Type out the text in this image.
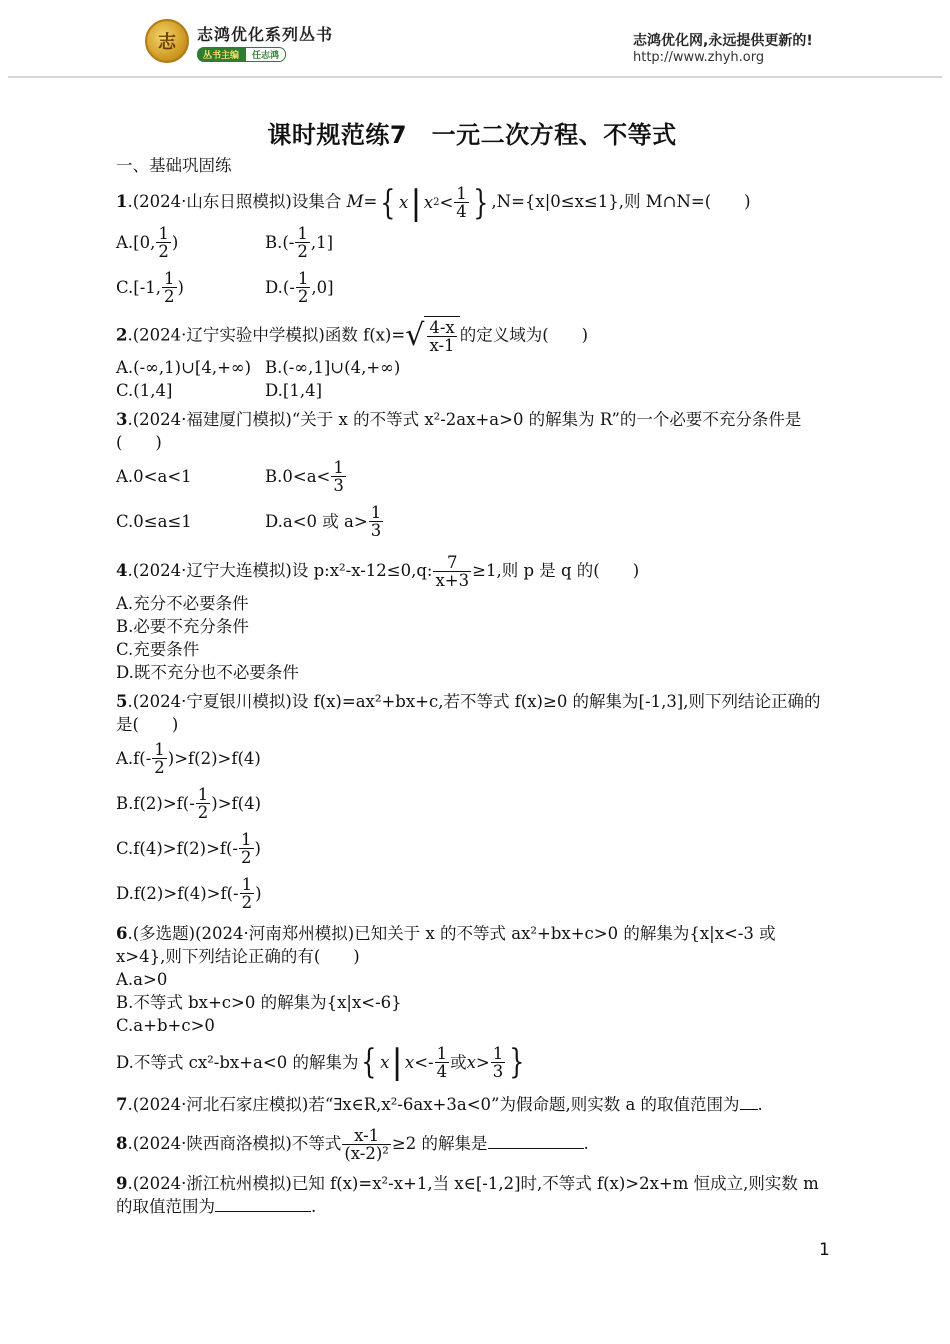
志 志鸿优化系列丛书
丛书主编	任志鸿
志鸿优化网,永远提供更新的!
http://www.zhyh.org
课时规范练7　一元二次方程、不等式
一、基础巩固练
1.(2024·山东日照模拟)设集合 M= { x | x $2 < \frac{1}{4}$ } ,N={x|0≤x≤1},则 M∩N=(　　)
A.[0, $\frac{1}{2}$ )	$B.(- \frac{1}{2} ,1]$
C.[-1, $\frac{1}{2}$ )	$D.(- \frac{1}{2} ,0]$
2.(2024·辽宁实验中学模拟)函数 f(x)= √ $\frac{4-x}{x-1}$ 的定义域为(　　)
A.(-∞,1)∪[4,+∞) B.(-∞,1]∪(4,+∞)
C.(1,4]	D.[1,4]
3.(2024·福建厦门模拟)“关于 x 的不等式 x²-2ax+a>0 的解集为 R”的一个必要不充分条件是　　　　　　(　　)
A.0<a<1	$B.0<a< \frac{1}{3}$
C.0≤a≤1	D.a<0 或 $a> \frac{1}{3}$
4.(2024·辽宁大连模拟)设 p:x²-x-12≤0,q: $\frac{7}{x+3} \ge 1$,则 p 是 q 的(　　)
A.充分不必要条件
B.必要不充分条件
C.充要条件
D.既不充分也不必要条件
5.(2024·宁夏银川模拟)设 f(x)=ax²+bx+c,若不等式 f(x)≥0 的解集为[-1,3],则下列结论正确的是(　　)
$A.f(- \frac{1}{2} )>f(2)>f(4)$
$B.f(2)>f(- \frac{1}{2} )>f(4)$
$C.f(4)>f(2)>f(- \frac{1}{2}$ )
$D.f(2)>f(4)>f(- \frac{1}{2}$ )
6.(多选题)(2024·河南郑州模拟)已知关于 x 的不等式 ax²+bx+c>0 的解集为{x|x<-3 或 x>4},则下列结论正确的有(　　)
A.a>0
B.不等式 bx+c>0 的解集为{x|x<-6}
C.a+b+c>0
D.不等式 cx²-bx+a<0 的解集为 { x | $x <- \frac{1}{4}$ 或 $x > \frac{1}{3}$ }
7.(2024·河北石家庄模拟)若“∃x∈R,x²-6ax+3a<0”为假命题,则实数 a 的取值范围为 .
8.(2024·陕西商洛模拟)不等式 $\frac{x-1}{\text{(x-2)²}} \ge 2$ 的解集是	.
9.(2024·浙江杭州模拟)已知 f(x)=x²-x+1,当 x∈[-1,2]时,不等式 f(x)>2x+m 恒成立,则实数 m 的取值范围为	.
1
